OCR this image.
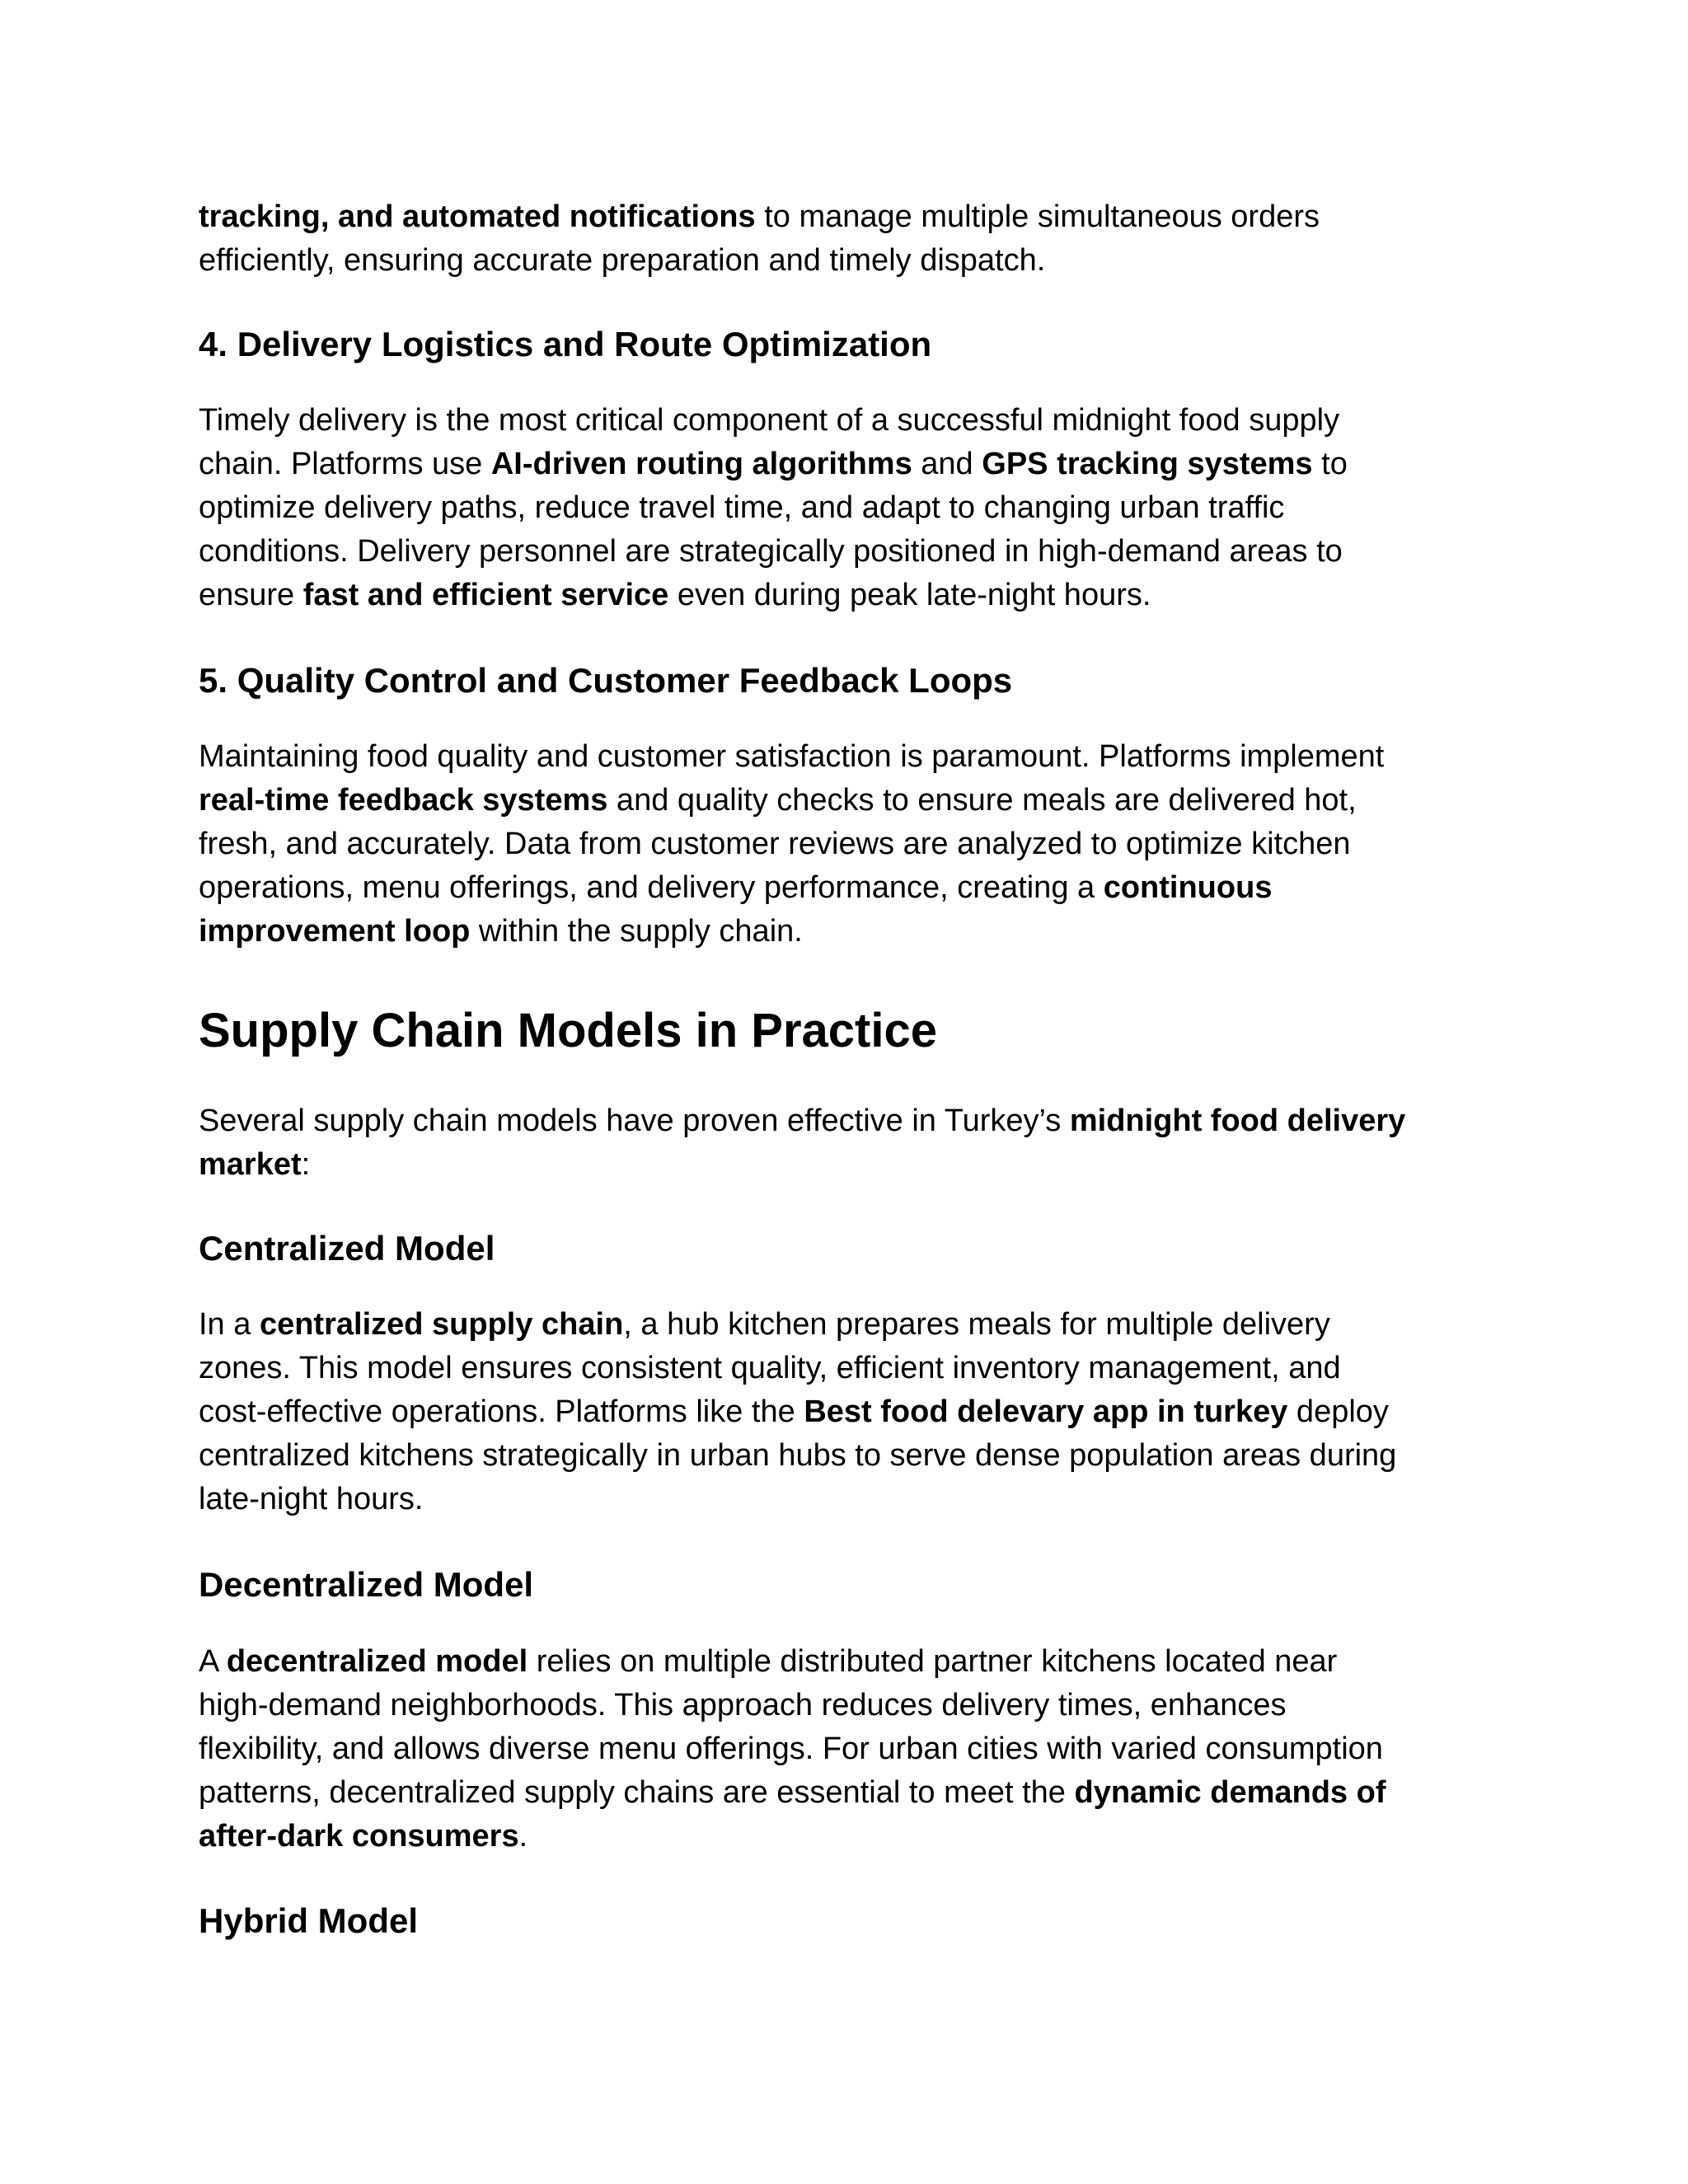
tracking, and automated notifications to manage multiple simultaneous orders
efficiently, ensuring accurate preparation and timely dispatch.

4. Delivery Logistics and Route Optimization

Timely delivery is the most critical component of a successful midnight food supply
chain. Platforms use AI-driven routing algorithms and GPS tracking systems to
optimize delivery paths, reduce travel time, and adapt to changing urban traffic
conditions. Delivery personnel are strategically positioned in high-demand areas to
ensure fast and efficient service even during peak late-night hours.

5. Quality Control and Customer Feedback Loops

Maintaining food quality and customer satisfaction is paramount. Platforms implement
real-time feedback systems and quality checks to ensure meals are delivered hot,
fresh, and accurately. Data from customer reviews are analyzed to optimize kitchen
operations, menu offerings, and delivery performance, creating a continuous
improvement loop within the supply chain.

Supply Chain Models in Practice

Several supply chain models have proven effective in Turkey’s midnight food delivery
market:

Centralized Model

In a centralized supply chain, a hub kitchen prepares meals for multiple delivery
zones. This model ensures consistent quality, efficient inventory management, and
cost-effective operations. Platforms like the Best food delevary app in turkey deploy
centralized kitchens strategically in urban hubs to serve dense population areas during
late-night hours.

Decentralized Model

A decentralized model relies on multiple distributed partner kitchens located near
high-demand neighborhoods. This approach reduces delivery times, enhances
flexibility, and allows diverse menu offerings. For urban cities with varied consumption
patterns, decentralized supply chains are essential to meet the dynamic demands of
after-dark consumers.

Hybrid Model
